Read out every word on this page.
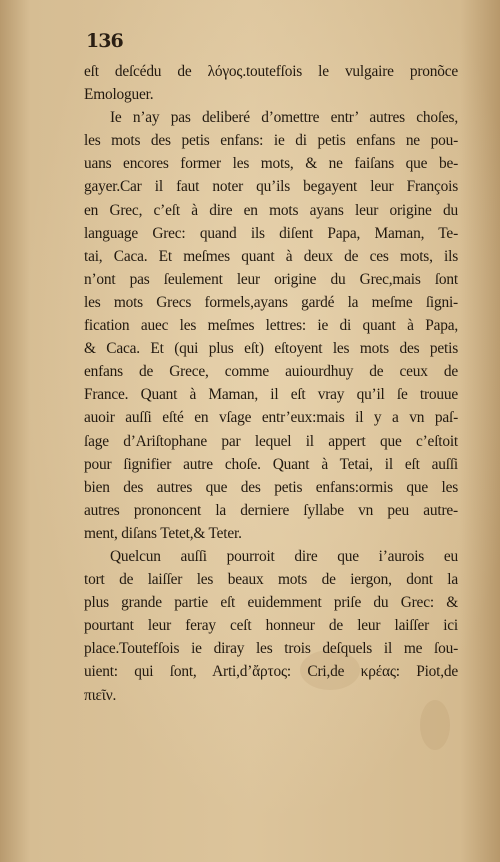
136
eſt deſcédu de λόγος.toutefſois le vulgaire pronõce
Emologuer.
Ie n’ay pas deliberé d’omettre entr’ autres choſes,
les mots des petis enfans: ie di petis enfans ne pou-
uans encores former les mots, & ne faiſans que be-
gayer.Car il faut noter qu’ils begayent leur François
en Grec, c’eſt à dire en mots ayans leur origine du
language Grec: quand ils diſent Papa, Maman, Te-
tai, Caca. Et meſmes quant à deux de ces mots, ils
n’ont pas ſeulement leur origine du Grec,mais ſont
les mots Grecs formels,ayans gardé la meſme ſigni-
fication auec les meſmes lettres: ie di quant à Papa,
& Caca. Et (qui plus eſt) eſtoyent les mots des petis
enfans de Grece, comme auiourdhuy de ceux de
France. Quant à Maman, il eſt vray qu’il ſe trouue
auoir auſſi eſté en vſage entr’eux:mais il y a vn paſ-
ſage d’Ariſtophane par lequel il appert que c’eſtoit
pour ſignifier autre choſe. Quant à Tetai, il eſt auſſi
bien des autres que des petis enfans:ormis que les
autres prononcent la derniere ſyllabe vn peu autre-
ment, diſans Tetet,& Teter.
Quelcun auſſi pourroit dire que i’aurois eu
tort de laiſſer les beaux mots de iergon, dont la
plus grande partie eſt euidemment priſe du Grec: &
pourtant leur feray ceſt honneur de leur laiſſer ici
place.Toutefſois ie diray les trois deſquels il me ſou-
uient: qui ſont, Arti,d’ἄρτος: Cri,de κρέας: Piot,de
πιεῖν.
